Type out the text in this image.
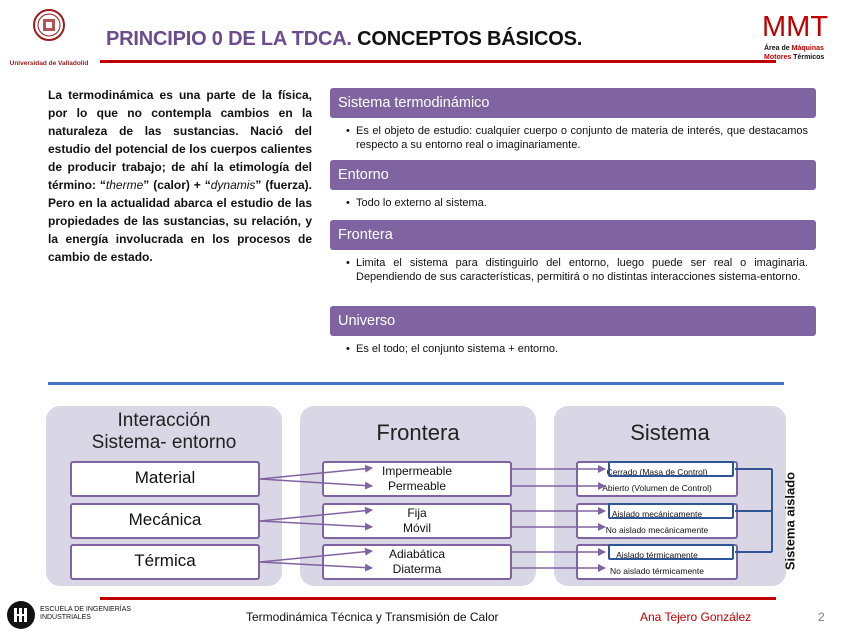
Universidad de Valladolid
PRINCIPIO 0 DE LA TDCA. CONCEPTOS BÁSICOS.	MMT
Área de Máquinas
Motores Térmicos
La termodinámica es una parte de la física, por lo que no contempla cambios en la naturaleza de las sustancias. Nació del estudio del potencial de los cuerpos calientes de producir trabajo; de ahí la etimología del término: “therme” (calor) + “dynamis” (fuerza). Pero en la actualidad abarca el estudio de las propiedades de las sustancias, su relación, y la energía involucrada en los procesos de cambio de estado.
Sistema termodinámico
• Es el objeto de estudio: cualquier cuerpo o conjunto de materia de interés, que destacamos respecto a su entorno real o imaginariamente.
Entorno
• Todo lo externo al sistema.
Frontera
• Limita el sistema para distinguirlo del entorno, luego puede ser real o imaginaria. Dependiendo de sus características, permitirá o no distintas interacciones sistema-entorno.
Universo
• Es el todo; el conjunto sistema + entorno.
Interacción
Sistema- entorno
Material
Mecánica
Térmica
Frontera
Impermeable
Permeable
Fija
Móvil
Adiabática
Diaterma
Sistema
Cerrado (Masa de Control)
Abierto (Volumen de Control)
Aislado mecánicamente
No aislado mecánicamente
Aislado térmicamente
No aislado térmicamente
Sistema aislado
ESCUELA DE INGENIERÍAS
INDUSTRIALES	Termodinámica Técnica y Transmisión de Calor	Ana Tejero González	2
